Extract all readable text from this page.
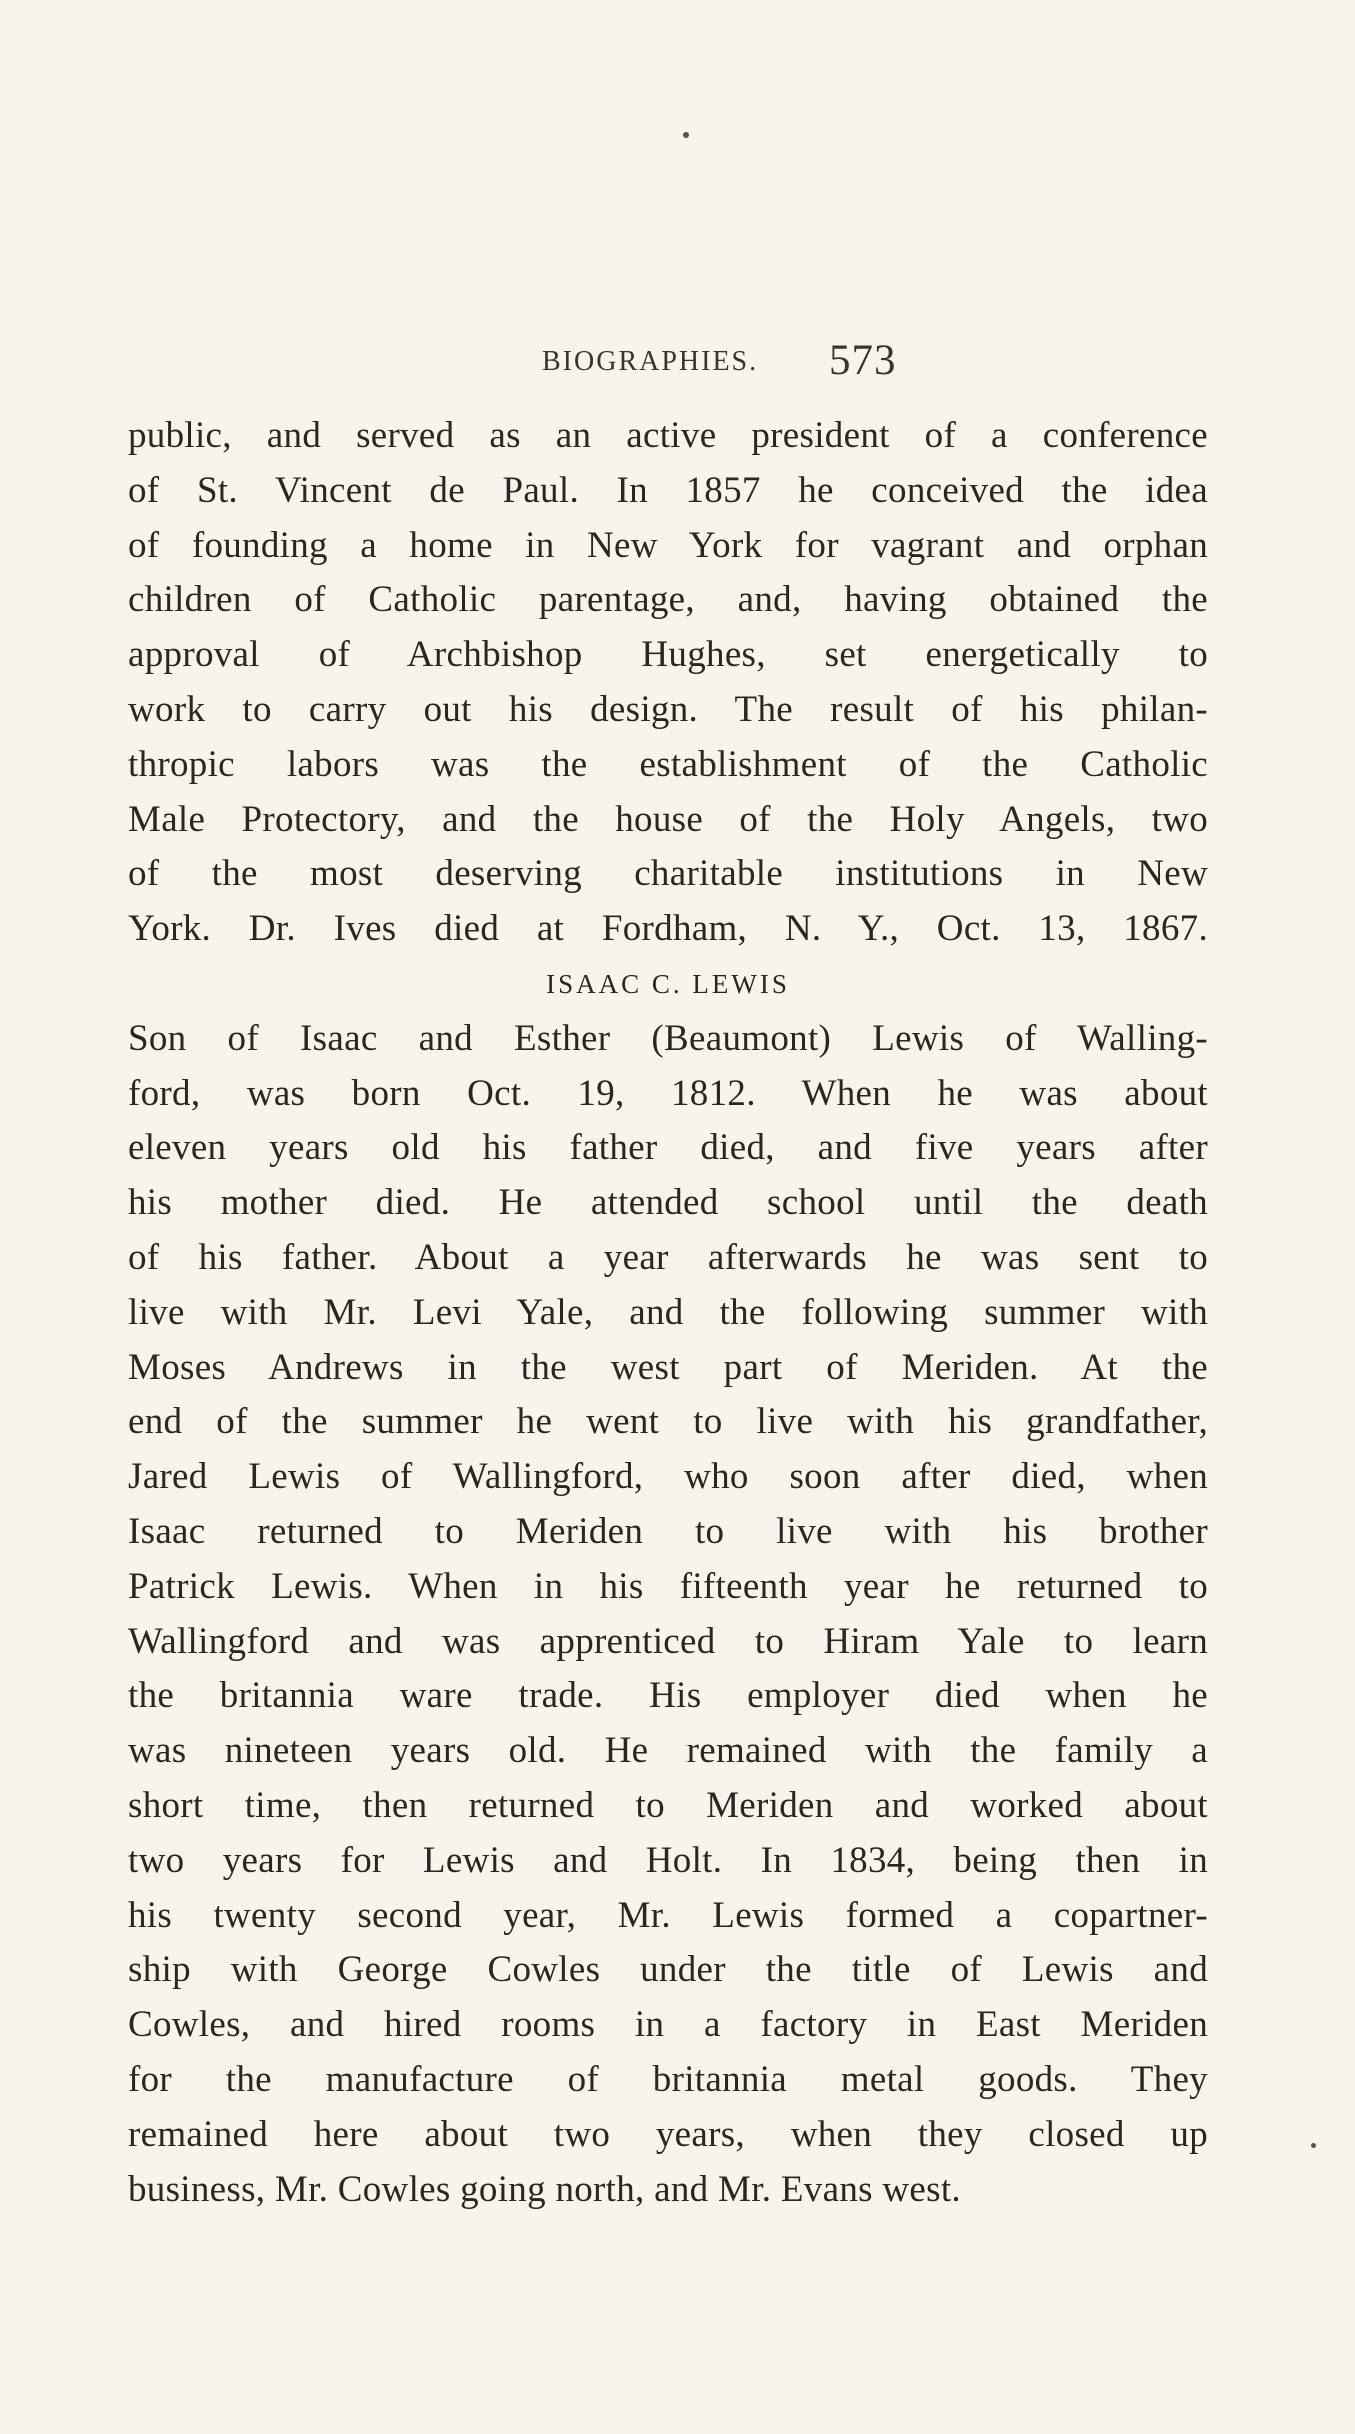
BIOGRAPHIES. 573
public, and served as an active president of a conference
of St. Vincent de Paul. In 1857 he conceived the idea
of founding a home in New York for vagrant and orphan
children of Catholic parentage, and, having obtained the
approval of Archbishop Hughes, set energetically to
work to carry out his design. The result of his philan-
thropic labors was the establishment of the Catholic
Male Protectory, and the house of the Holy Angels, two
of the most deserving charitable institutions in New
York. Dr. Ives died at Fordham, N. Y., Oct. 13, 1867.
ISAAC C. LEWIS
Son of Isaac and Esther (Beaumont) Lewis of Walling-
ford, was born Oct. 19, 1812. When he was about
eleven years old his father died, and five years after
his mother died. He attended school until the death
of his father. About a year afterwards he was sent to
live with Mr. Levi Yale, and the following summer with
Moses Andrews in the west part of Meriden. At the
end of the summer he went to live with his grandfather,
Jared Lewis of Wallingford, who soon after died, when
Isaac returned to Meriden to live with his brother
Patrick Lewis. When in his fifteenth year he returned to
Wallingford and was apprenticed to Hiram Yale to learn
the britannia ware trade. His employer died when he
was nineteen years old. He remained with the family a
short time, then returned to Meriden and worked about
two years for Lewis and Holt. In 1834, being then in
his twenty second year, Mr. Lewis formed a copartner-
ship with George Cowles under the title of Lewis and
Cowles, and hired rooms in a factory in East Meriden
for the manufacture of britannia metal goods. They
remained here about two years, when they closed up
business, Mr. Cowles going north, and Mr. Evans west.
